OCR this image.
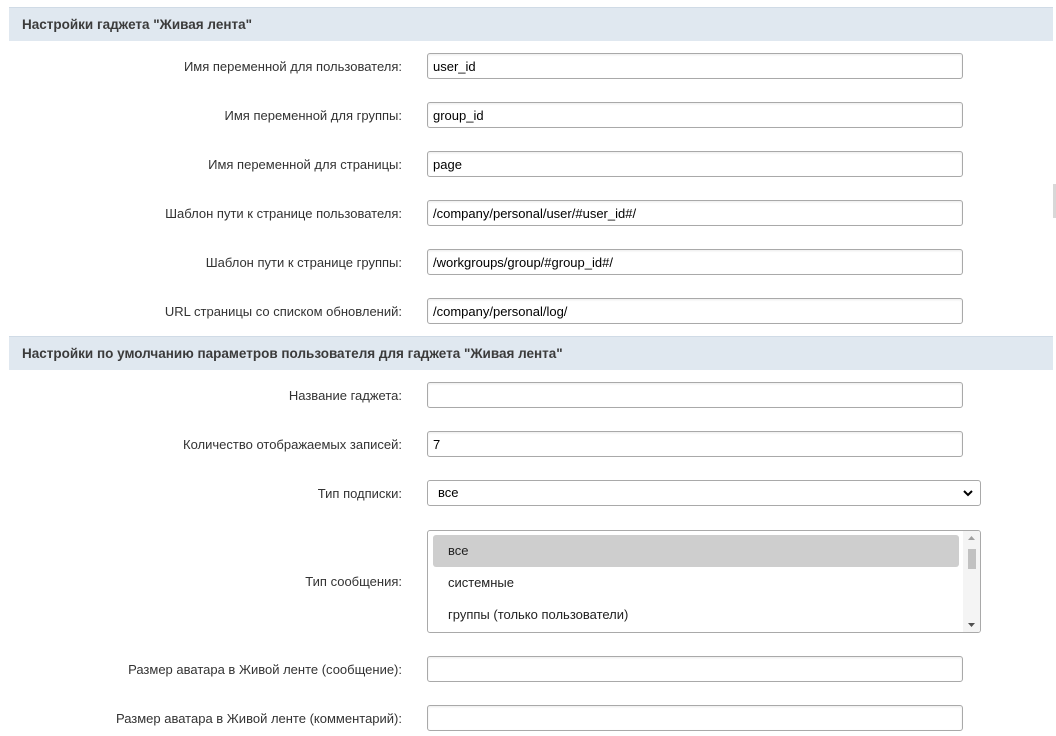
Настройки гаджета "Живая лента"
Имя переменной для пользователя:
user_id
Имя переменной для группы:
group_id
Имя переменной для страницы:
page
Шаблон пути к странице пользователя:
/company/personal/user/#user_id#/
Шаблон пути к странице группы:
/workgroups/group/#group_id#/
URL страницы со списком обновлений:
/company/personal/log/
Настройки по умолчанию параметров пользователя для гаджета "Живая лента"
Название гаджета:
Количество отображаемых записей:
7
Тип подписки:	все
Тип сообщения:
все
системные
группы (только пользователи)
Размер аватара в Живой ленте (сообщение):
Размер аватара в Живой ленте (комментарий):
